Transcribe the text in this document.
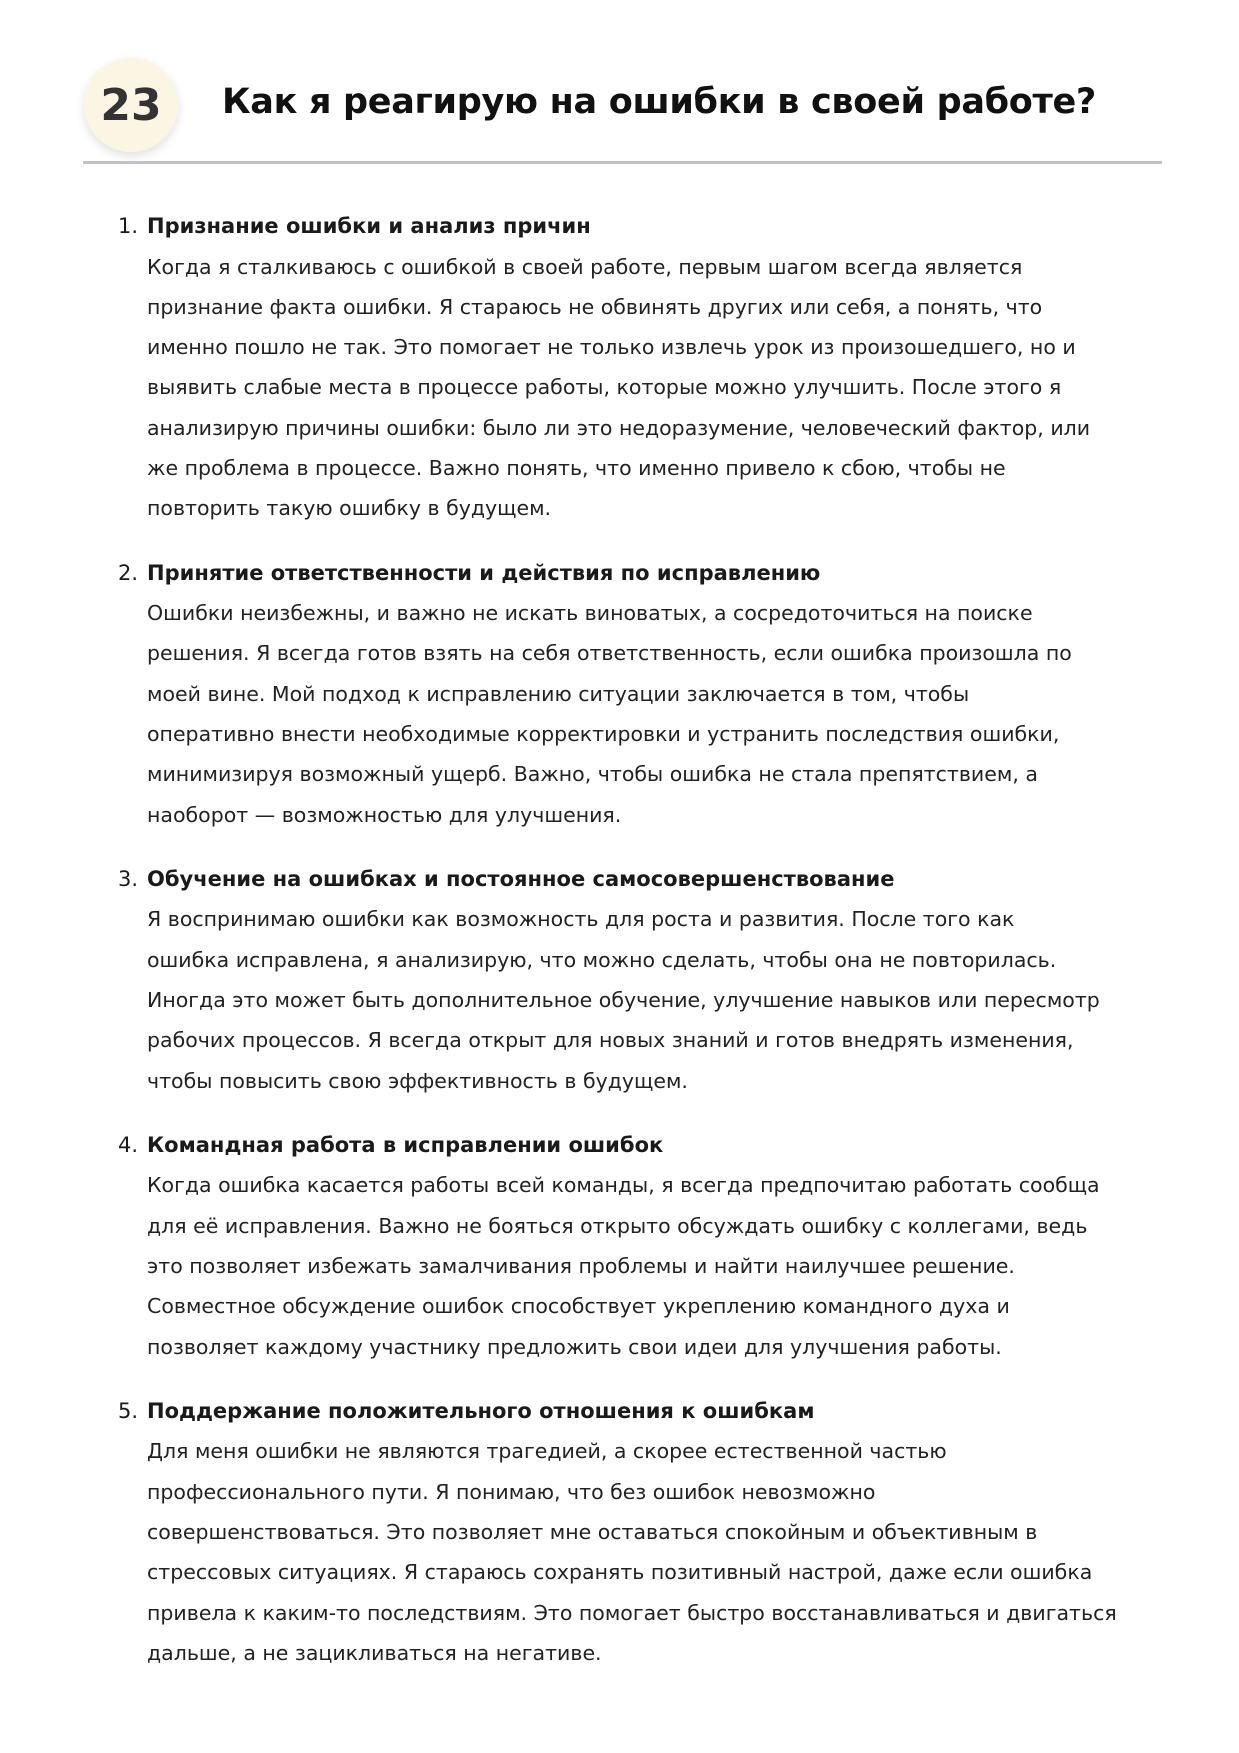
23 Как я реагирую на ошибки в своей работе?
1. Признание ошибки и анализ причин
Когда я сталкиваюсь с ошибкой в своей работе, первым шагом всегда является
признание факта ошибки. Я стараюсь не обвинять других или себя, а понять, что
именно пошло не так. Это помогает не только извлечь урок из произошедшего, но и
выявить слабые места в процессе работы, которые можно улучшить. После этого я
анализирую причины ошибки: было ли это недоразумение, человеческий фактор, или
же проблема в процессе. Важно понять, что именно привело к сбою, чтобы не
повторить такую ошибку в будущем.
2. Принятие ответственности и действия по исправлению
Ошибки неизбежны, и важно не искать виноватых, а сосредоточиться на поиске
решения. Я всегда готов взять на себя ответственность, если ошибка произошла по
моей вине. Мой подход к исправлению ситуации заключается в том, чтобы
оперативно внести необходимые корректировки и устранить последствия ошибки,
минимизируя возможный ущерб. Важно, чтобы ошибка не стала препятствием, а
наоборот — возможностью для улучшения.
3. Обучение на ошибках и постоянное самосовершенствование
Я воспринимаю ошибки как возможность для роста и развития. После того как
ошибка исправлена, я анализирую, что можно сделать, чтобы она не повторилась.
Иногда это может быть дополнительное обучение, улучшение навыков или пересмотр
рабочих процессов. Я всегда открыт для новых знаний и готов внедрять изменения,
чтобы повысить свою эффективность в будущем.
4. Командная работа в исправлении ошибок
Когда ошибка касается работы всей команды, я всегда предпочитаю работать сообща
для её исправления. Важно не бояться открыто обсуждать ошибку с коллегами, ведь
это позволяет избежать замалчивания проблемы и найти наилучшее решение.
Совместное обсуждение ошибок способствует укреплению командного духа и
позволяет каждому участнику предложить свои идеи для улучшения работы.
5. Поддержание положительного отношения к ошибкам
Для меня ошибки не являются трагедией, а скорее естественной частью
профессионального пути. Я понимаю, что без ошибок невозможно
совершенствоваться. Это позволяет мне оставаться спокойным и объективным в
стрессовых ситуациях. Я стараюсь сохранять позитивный настрой, даже если ошибка
привела к каким-то последствиям. Это помогает быстро восстанавливаться и двигаться
дальше, а не зацикливаться на негативе.
